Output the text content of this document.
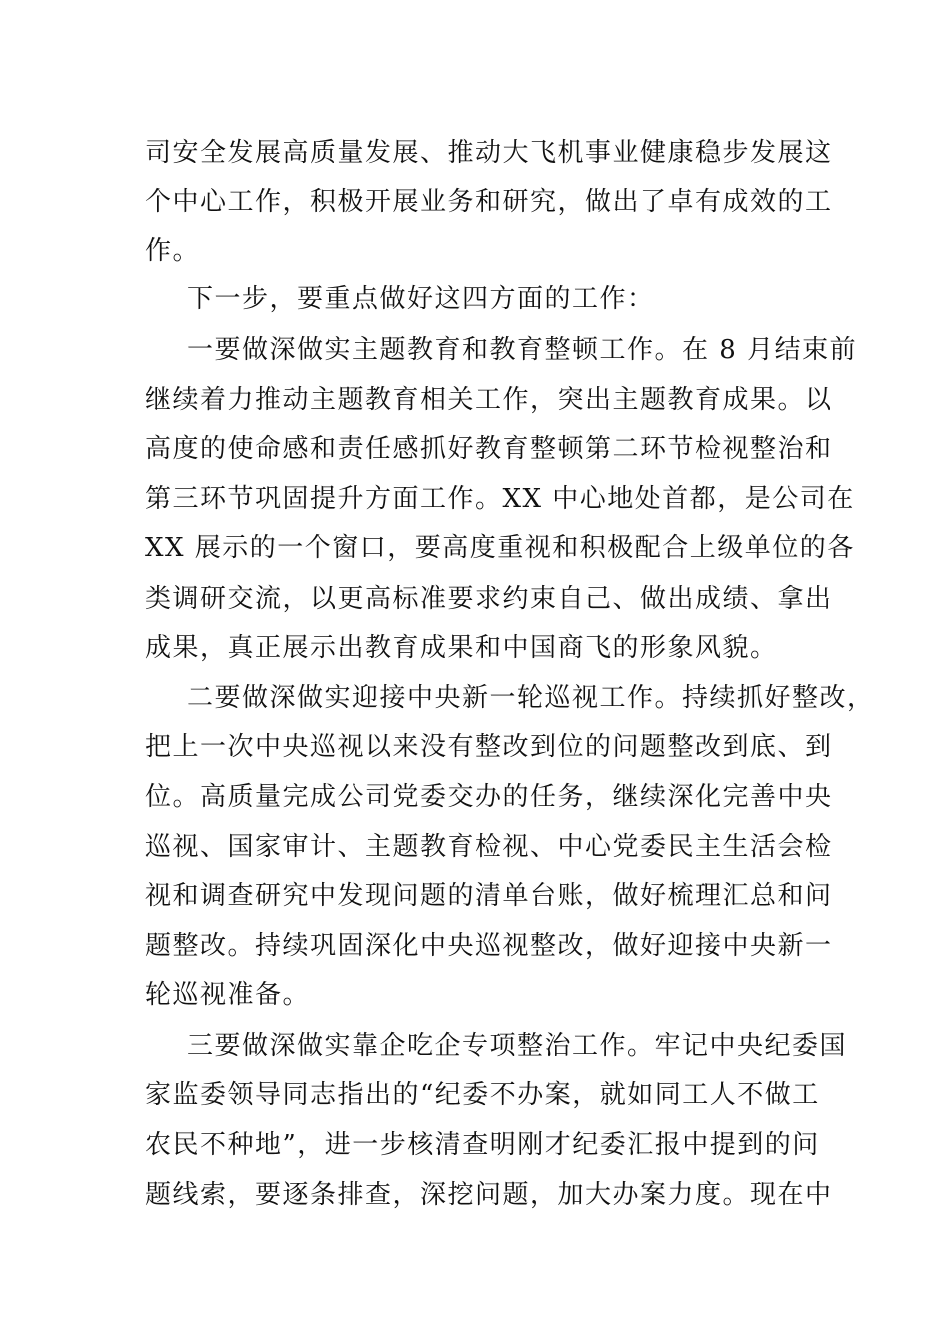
司安全发展高质量发展、推动大飞机事业健康稳步发展这
个中心工作，积极开展业务和研究，做出了卓有成效的工
作。
下一步，要重点做好这四方面的工作：
一要做深做实主题教育和教育整顿工作。在 8 月结束前
继续着力推动主题教育相关工作，突出主题教育成果。以
高度的使命感和责任感抓好教育整顿第二环节检视整治和
第三环节巩固提升方面工作。XX 中心地处首都，是公司在
XX 展示的一个窗口，要高度重视和积极配合上级单位的各
类调研交流，以更高标准要求约束自己、做出成绩、拿出
成果，真正展示出教育成果和中国商飞的形象风貌。
二要做深做实迎接中央新一轮巡视工作。持续抓好整改，
把上一次中央巡视以来没有整改到位的问题整改到底、到
位。高质量完成公司党委交办的任务，继续深化完善中央
巡视、国家审计、主题教育检视、中心党委民主生活会检
视和调查研究中发现问题的清单台账，做好梳理汇总和问
题整改。持续巩固深化中央巡视整改，做好迎接中央新一
轮巡视准备。
三要做深做实靠企吃企专项整治工作。牢记中央纪委国
家监委领导同志指出的“纪委不办案，就如同工人不做工
农民不种地”，进一步核清查明刚才纪委汇报中提到的问
题线索，要逐条排查，深挖问题，加大办案力度。现在中
